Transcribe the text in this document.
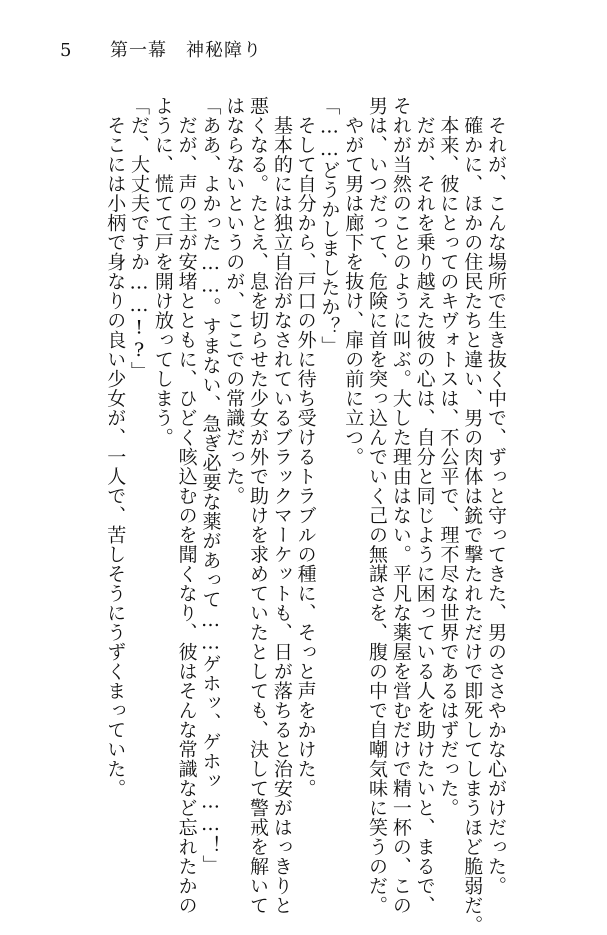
5 第一幕　神秘障り
　それが、こんな場所で生き抜く中で、ずっと守ってきた、男のささやかな心がけだった。
　確かに、ほかの住民たちと違い、男の肉体は銃で撃たれただけで即死してしまうほど脆弱だ。
　本来、彼にとってのキヴォトスは、不公平で、理不尽な世界であるはずだった。
　だが、それを乗り越えた彼の心は、自分と同じように困っている人を助けたいと、まるで、
それが当然のことのように叫ぶ。大した理由はない。平凡な薬屋を営むだけで精一杯の、この
男は、いつだって、危険に首を突っ込んでいく己の無謀さを、腹の中で自嘲気味に笑うのだ。
　やがて男は廊下を抜け、扉の前に立つ。
「……どうかしましたか？」
　そして自分から、戸口の外に待ち受けるトラブルの種に、そっと声をかけた。
　基本的には独立自治がなされているブラックマーケットも、日が落ちると治安がはっきりと
悪くなる。たとえ、息を切らせた少女が外で助けを求めていたとしても、決して警戒を解いて
はならないというのが、ここでの常識だった。
「ああ、よかった……。すまない、急ぎ必要な薬があって……ゲホッ、ゲホッ……！」
　だが、声の主が安堵とともに、ひどく咳込むのを聞くなり、彼はそんな常識など忘れたかの
ように、慌てて戸を開け放ってしまう。
「だ、大丈夫ですか……!?」
　そこには小柄で身なりの良い少女が、一人で、苦しそうにうずくまっていた。
